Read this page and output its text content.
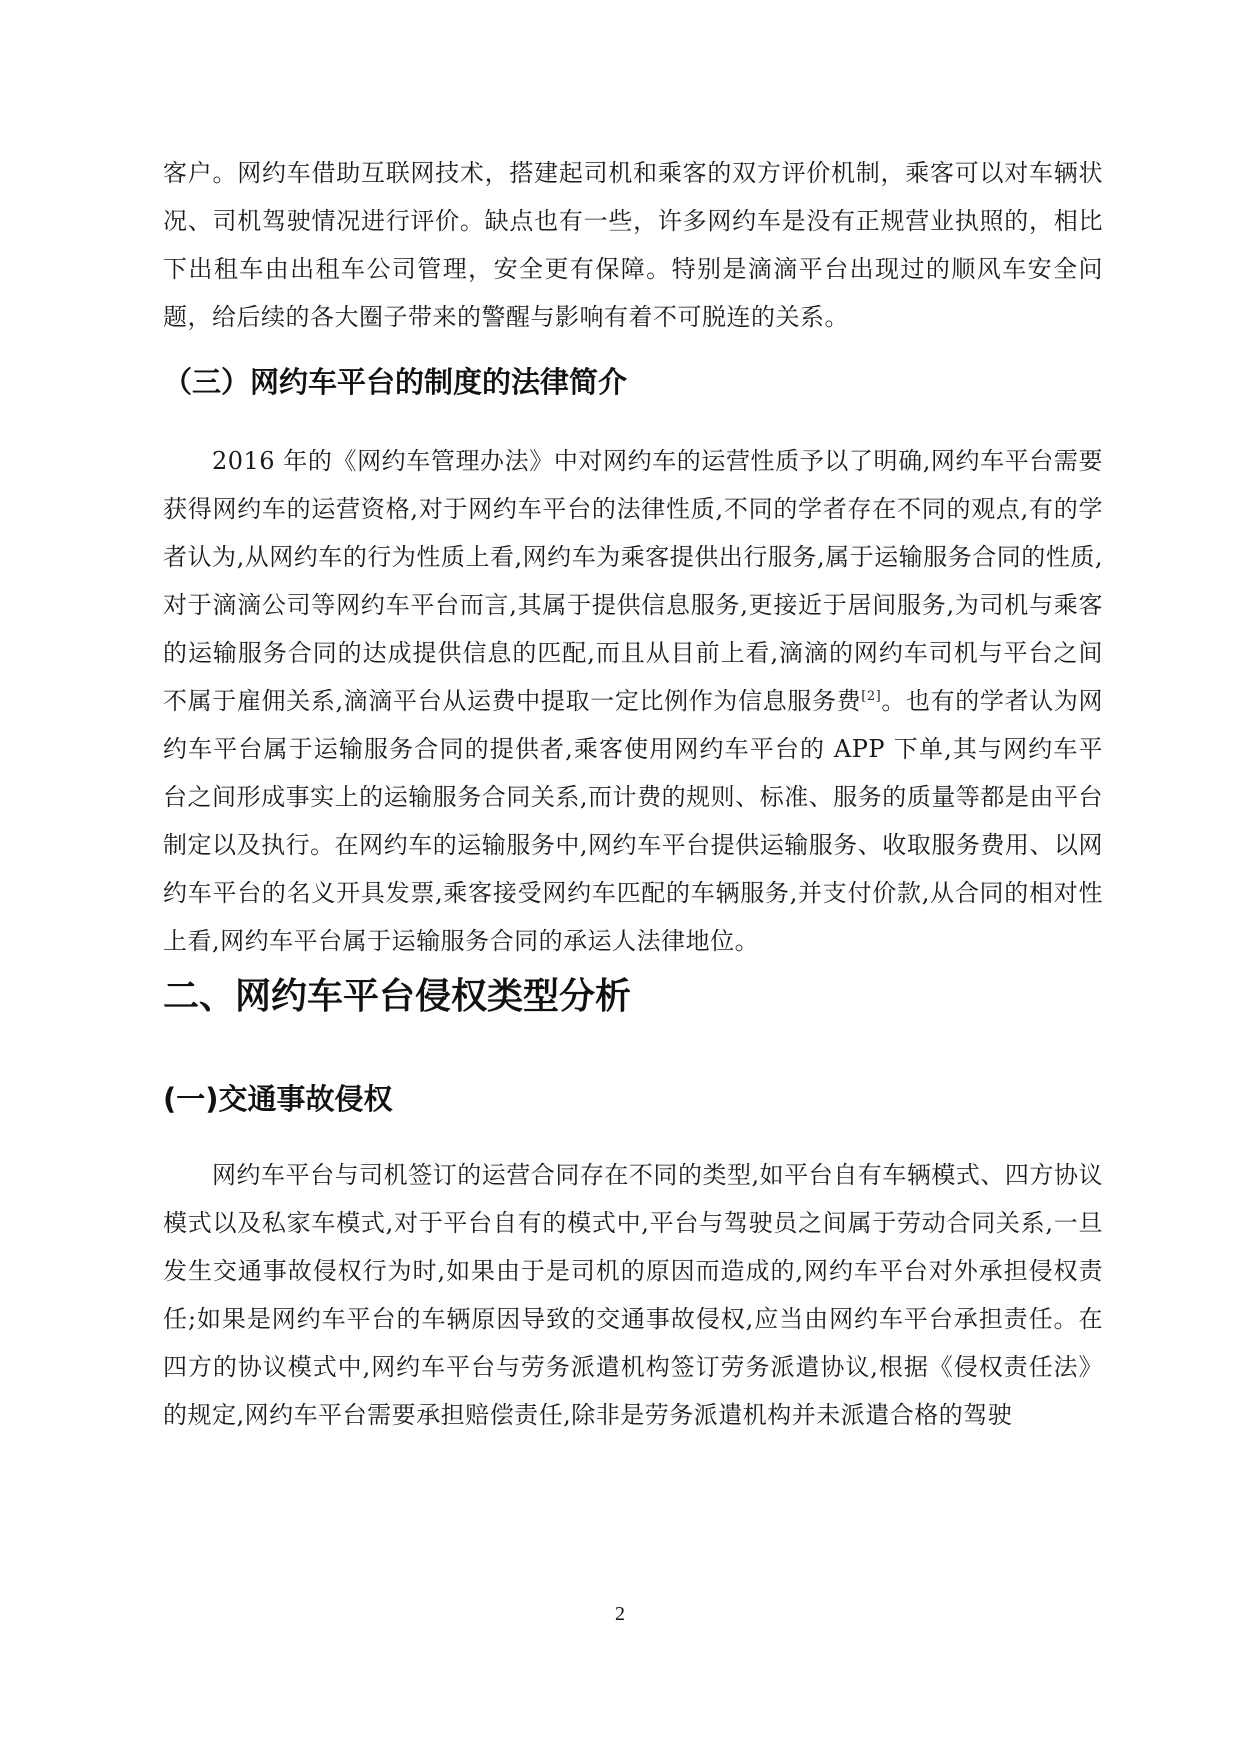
客户。网约车借助互联网技术，搭建起司机和乘客的双方评价机制，乘客可以对车辆状况、司机驾驶情况进行评价。缺点也有一些，许多网约车是没有正规营业执照的，相比下出租车由出租车公司管理，安全更有保障。特别是滴滴平台出现过的顺风车安全问题，给后续的各大圈子带来的警醒与影响有着不可脱连的关系。

（三）网约车平台的制度的法律简介

2016 年的《网约车管理办法》中对网约车的运营性质予以了明确,网约车平台需要获得网约车的运营资格,对于网约车平台的法律性质,不同的学者存在不同的观点,有的学者认为,从网约车的行为性质上看,网约车为乘客提供出行服务,属于运输服务合同的性质,对于滴滴公司等网约车平台而言,其属于提供信息服务,更接近于居间服务,为司机与乘客的运输服务合同的达成提供信息的匹配,而且从目前上看,滴滴的网约车司机与平台之间不属于雇佣关系,滴滴平台从运费中提取一定比例作为信息服务费[2]。也有的学者认为网约车平台属于运输服务合同的提供者,乘客使用网约车平台的 APP 下单,其与网约车平台之间形成事实上的运输服务合同关系,而计费的规则、标准、服务的质量等都是由平台制定以及执行。在网约车的运输服务中,网约车平台提供运输服务、收取服务费用、以网约车平台的名义开具发票,乘客接受网约车匹配的车辆服务,并支付价款,从合同的相对性上看,网约车平台属于运输服务合同的承运人法律地位。

二、网约车平台侵权类型分析
(一)交通事故侵权

网约车平台与司机签订的运营合同存在不同的类型,如平台自有车辆模式、四方协议模式以及私家车模式,对于平台自有的模式中,平台与驾驶员之间属于劳动合同关系,一旦发生交通事故侵权行为时,如果由于是司机的原因而造成的,网约车平台对外承担侵权责任;如果是网约车平台的车辆原因导致的交通事故侵权,应当由网约车平台承担责任。在四方的协议模式中,网约车平台与劳务派遣机构签订劳务派遣协议,根据《侵权责任法》的规定,网约车平台需要承担赔偿责任,除非是劳务派遣机构并未派遣合格的驾驶

2
